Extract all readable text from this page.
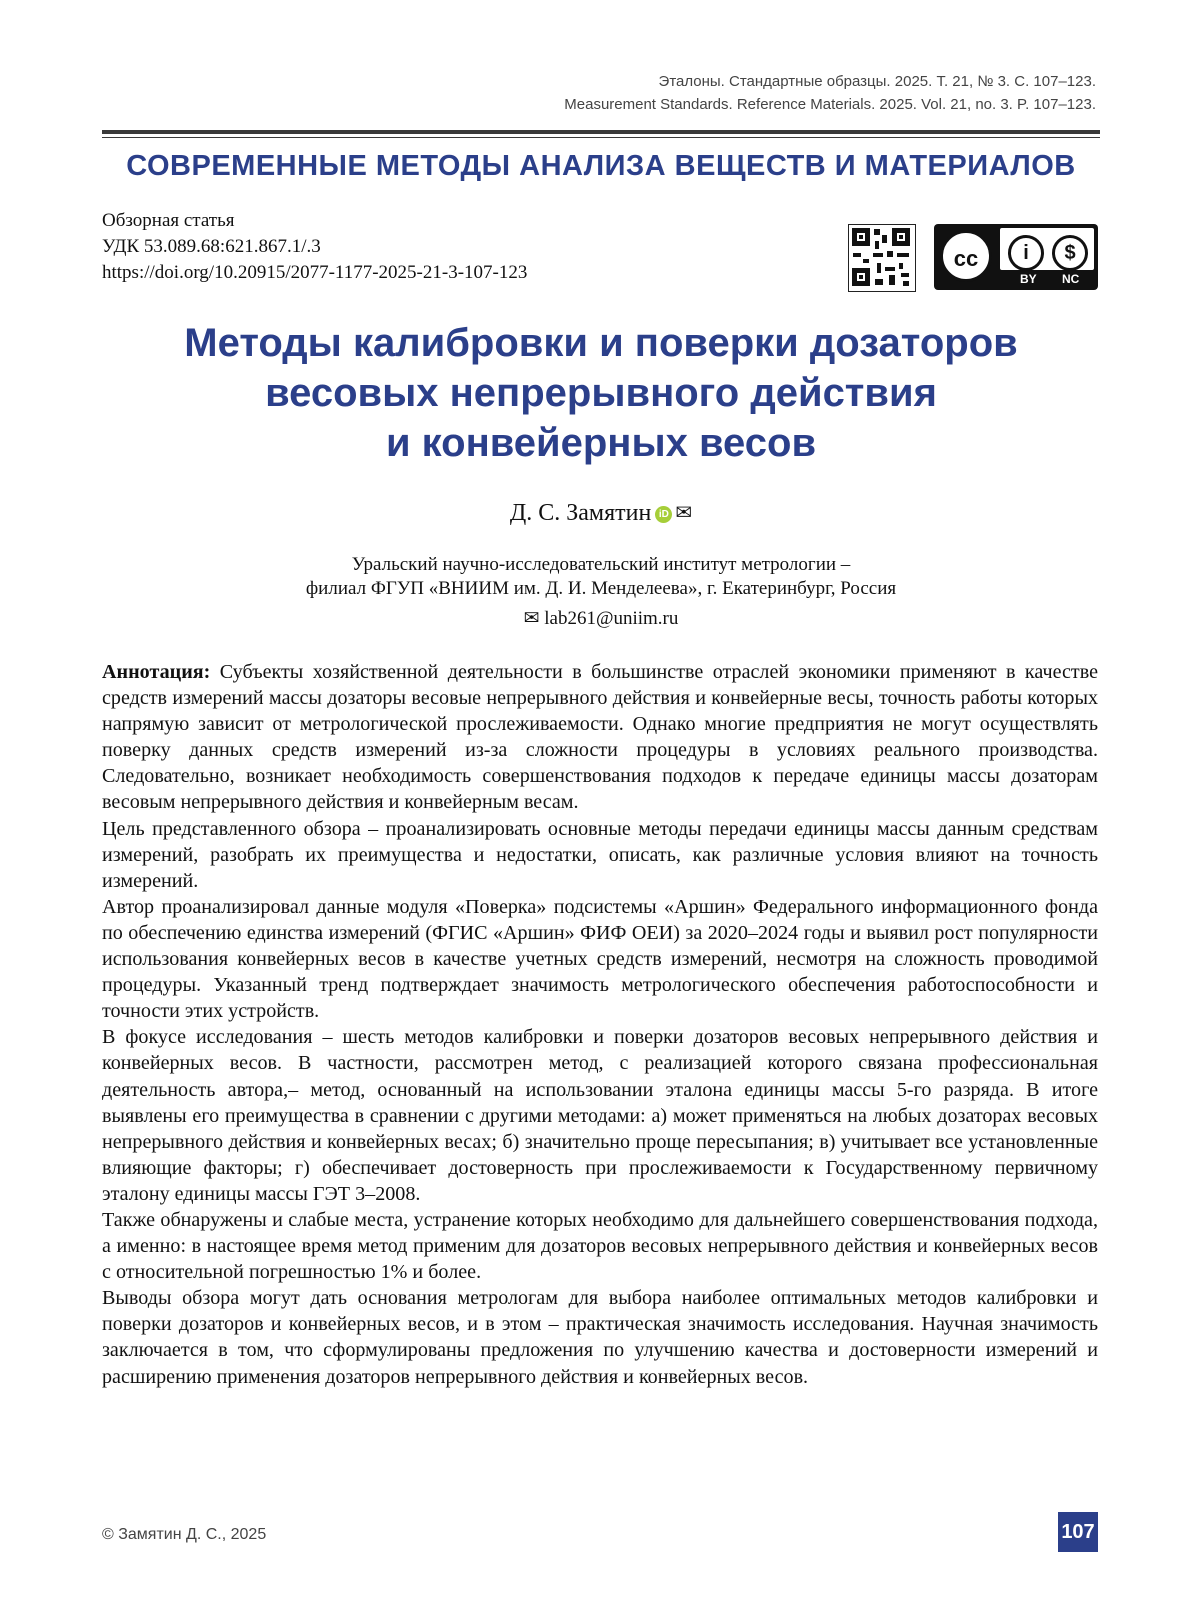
Эталоны. Стандартные образцы. 2025. Т. 21, № 3. С. 107–123.
Measurement Standards. Reference Materials. 2025. Vol. 21, no. 3. P. 107–123.
СОВРЕМЕННЫЕ МЕТОДЫ АНАЛИЗА ВЕЩЕСТВ И МАТЕРИАЛОВ
Обзорная статья
УДК 53.089.68:621.867.1/.3
https://doi.org/10.20915/2077-1177-2025-21-3-107-123
cc	i	$
BY NC
Методы калибровки и поверки дозаторов
весовых непрерывного действия
и конвейерных весов
Д. С. Замятин iD ✉
Уральский научно-исследовательский институт метрологии –
филиал ФГУП «ВНИИМ им. Д. И. Менделеева», г. Екатеринбург, Россия
✉ lab261@uniim.ru

Аннотация: Субъекты хозяйственной деятельности в большинстве отраслей экономики применяют в качестве средств измерений массы дозаторы весовые непрерывного действия и конвейерные весы, точность работы которых напрямую зависит от метрологической прослеживаемости. Однако многие предприятия не могут осуществлять поверку данных средств измерений из-за сложности процедуры в условиях реального производства. Следовательно, возникает необходимость совершенствования подходов к передаче единицы массы дозаторам весовым непрерывного действия и конвейерным весам.

Цель представленного обзора – проанализировать основные методы передачи единицы массы данным средствам измерений, разобрать их преимущества и недостатки, описать, как различные условия влияют на точность измерений.

Автор проанализировал данные модуля «Поверка» подсистемы «Аршин» Федерального информационного фонда по обеспечению единства измерений (ФГИС «Аршин» ФИФ ОЕИ) за 2020–2024 годы и выявил рост популярности использования конвейерных весов в качестве учетных средств измерений, несмотря на сложность проводимой процедуры. Указанный тренд подтверждает значимость метрологического обеспечения работоспособности и точности этих устройств.

В фокусе исследования – шесть методов калибровки и поверки дозаторов весовых непрерывного действия и конвейерных весов. В частности, рассмотрен метод, с реализацией которого связана профессиональная деятельность автора,– метод, основанный на использовании эталона единицы массы 5-го разряда. В итоге выявлены его преимущества в сравнении с другими методами: а) может применяться на любых дозаторах весовых непрерывного действия и конвейерных весах; б) значительно проще пересыпания; в) учитывает все установленные влияющие факторы; г) обеспечивает достоверность при прослеживаемости к Государственному первичному эталону единицы массы ГЭТ 3–2008.

Также обнаружены и слабые места, устранение которых необходимо для дальнейшего совершенствования подхода, а именно: в настоящее время метод применим для дозаторов весовых непрерывного действия и конвейерных весов с относительной погрешностью 1% и более.

Выводы обзора могут дать основания метрологам для выбора наиболее оптимальных методов калибровки и поверки дозаторов и конвейерных весов, и в этом – практическая значимость исследования. Научная значимость заключается в том, что сформулированы предложения по улучшению качества и достоверности измерений и расширению применения дозаторов непрерывного действия и конвейерных весов.

© Замятин Д. С., 2025	107
